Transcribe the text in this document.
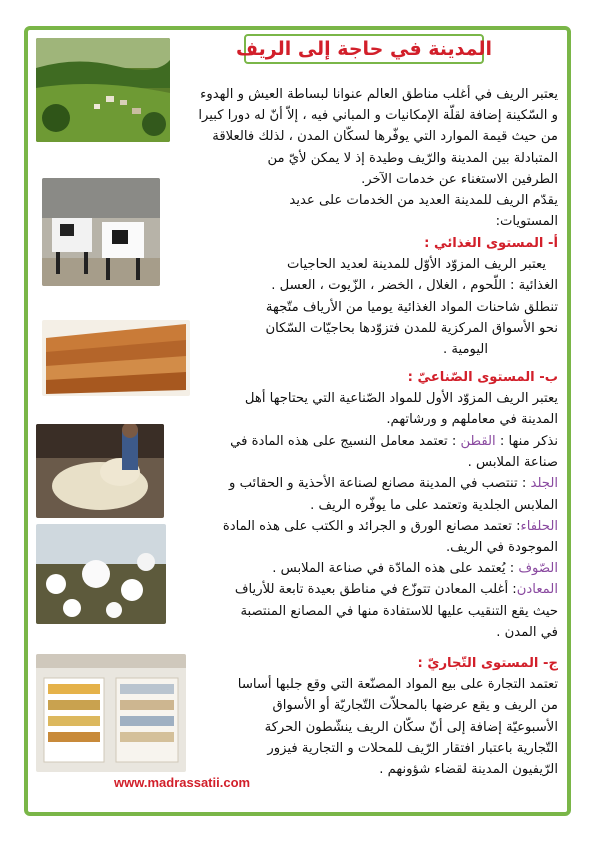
المدينة في حاجة إلى الريف
يعتبر الريف في أغلب مناطق العالم عنوانا لبساطة العيش و الهدوء
و السّكينة إضافة لقلّة الإمكانيات و المباني فيه ، إلاّ أنّ له دورا كبيرا
من حيث قيمة الموارد التي يوفّرها لسكّان المدن ، لذلك فالعلاقة
المتبادلة بين المدينة والرّيف وطيدة إذ لا يمكن لأيّ من
الطرفين الاستغناء عن خدمات الآخر.
يقدّم الريف للمدينة العديد من الخدمات على عديد
المستويات:
أ- المستوى الغذائي :
يعتبر الريف المزوّد الأوّل للمدينة لعديد الحاجيات
الغذائية : اللّحوم ، الغلال ، الخضر ، الزّيوت ، العسل .
تنطلق شاحنات المواد الغذائية يوميا من الأرياف متّجهة
نحو الأسواق المركزية للمدن فتزوّدها بحاجيّات السّكان
اليومية .
ب- المستوى الصّناعيّ :
يعتبر الريف المزوّد الأول للمواد الصّناعية التي يحتاجها أهل
المدينة في معاملهم و ورشاتهم.
نذكر منها : القطن : تعتمد معامل النسيج على هذه المادة في
صناعة الملابس .
الجلد : تنتصب في المدينة مصانع لصناعة الأحذية و الحقائب و
الملابس الجلدية وتعتمد على ما يوفّره الريف .
الحلفاء: تعتمد مصانع الورق و الجرائد و الكتب على هذه المادة
الموجودة في الريف.
الصّوف : يُعتمد على هذه المادّة في صناعة الملابس .
المعادن: أغلب المعادن تتوزّع في مناطق بعيدة تابعة للأرياف
حيث يقع التنقيب عليها للاستفادة منها في المصانع المنتصبة
في المدن .
ج- المستوى التّجاريّ :
تعتمد التجارة على بيع المواد المصنّعة التي وقع جلبها أساسا
من الريف و يقع عرضها بالمحلاّت التّجاريّة أو الأسواق
الأسبوعيّة إضافة إلى أنّ سكّان الريف ينشّطون الحركة
التّجارية باعتبار افتقار الرّيف للمحلات و التجارية فيزور
الرّيفيون المدينة لقضاء شؤونهم .
www.madrassatii.com
